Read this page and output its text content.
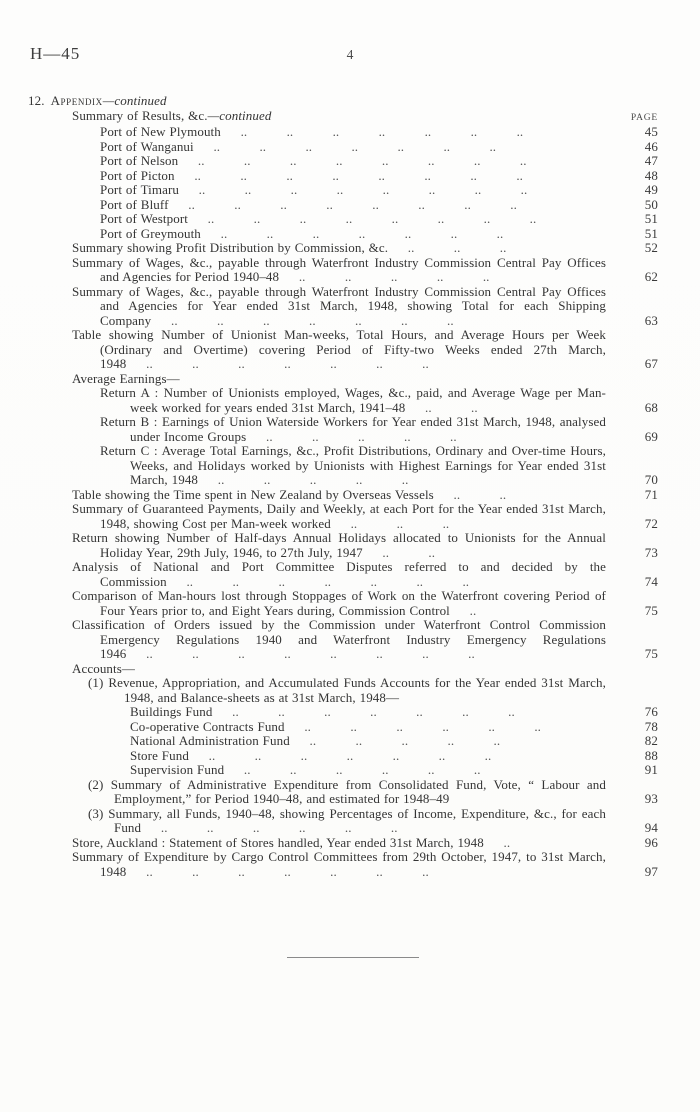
H—45	4
12. Appendix—continued
Summary of Results, &c. —continued	PAGE
Port of New Plymouth  ..   ..   ..   ..   ..   ..   ..	45
Port of Wanganui  ..   ..   ..   ..   ..   ..   ..	46
Port of Nelson  ..   ..   ..   ..   ..   ..   ..   ..	47
Port of Picton  ..   ..   ..   ..   ..   ..   ..   ..	48
Port of Timaru  ..   ..   ..   ..   ..   ..   ..   ..	49
Port of Bluff  ..   ..   ..   ..   ..   ..   ..   ..	50
Port of Westport  ..   ..   ..   ..   ..   ..   ..   ..	51
Port of Greymouth  ..   ..   ..   ..   ..   ..   ..	51
Summary showing Profit Distribution by Commission, &c.  ..   ..   ..	52
Summary of Wages, &c., payable through Waterfront Industry Commission Central Pay Offices and Agencies for Period 1940–48  ..   ..   ..   ..   ..	62
Summary of Wages, &c., payable through Waterfront Industry Commission Central Pay Offices and Agencies for Year ended 31st March, 1948, showing Total for each Shipping Company  ..   ..   ..   ..   ..   ..   ..	63
Table showing Number of Unionist Man-weeks, Total Hours, and Average Hours per Week (Ordinary and Overtime) covering Period of Fifty-two Weeks ended 27th March, 1948  ..   ..   ..   ..   ..   ..   ..	67
Average Earnings—
Return A : Number of Unionists employed, Wages, &c., paid, and Average Wage per Man-week worked for years ended 31st March, 1941–48  ..   ..	68
Return B : Earnings of Union Waterside Workers for Year ended 31st March, 1948, analysed under Income Groups  ..   ..   ..   ..   ..	69
Return C : Average Total Earnings, &c., Profit Distributions, Ordinary and Over-time Hours, Weeks, and Holidays worked by Unionists with Highest Earnings for Year ended 31st March, 1948  ..   ..   ..   ..   ..	70
Table showing the Time spent in New Zealand by Overseas Vessels  ..   ..	71
Summary of Guaranteed Payments, Daily and Weekly, at each Port for the Year ended 31st March, 1948, showing Cost per Man-week worked  ..   ..   ..	72
Return showing Number of Half-days Annual Holidays allocated to Unionists for the Annual Holiday Year, 29th July, 1946, to 27th July, 1947  ..   ..	73
Analysis of National and Port Committee Disputes referred to and decided by the Commission  ..   ..   ..   ..   ..   ..   ..	74
Comparison of Man-hours lost through Stoppages of Work on the Waterfront covering Period of Four Years prior to, and Eight Years during, Commission Control  ..	75
Classification of Orders issued by the Commission under Waterfront Control Commission Emergency Regulations 1940 and Waterfront Industry Emergency Regulations 1946  ..   ..   ..   ..   ..   ..   ..   ..	75
Accounts—
(1) Revenue, Appropriation, and Accumulated Funds Accounts for the Year ended 31st March, 1948, and Balance-sheets as at 31st March, 1948—
Buildings Fund  ..   ..   ..   ..   ..   ..   ..	76
Co-operative Contracts Fund  ..   ..   ..   ..   ..   ..	78
National Administration Fund  ..   ..   ..   ..   ..	82
Store Fund  ..   ..   ..   ..   ..   ..   ..	88
Supervision Fund  ..   ..   ..   ..   ..   ..	91
(2) Summary of Administrative Expenditure from Consolidated Fund, Vote, “ Labour and Employment,” for Period 1940–48, and estimated for 1948–49	93
(3) Summary, all Funds, 1940–48, showing Percentages of Income, Expenditure, &c., for each Fund  ..   ..   ..   ..   ..   ..	94
Store, Auckland : Statement of Stores handled, Year ended 31st March, 1948  ..	96
Summary of Expenditure by Cargo Control Committees from 29th October, 1947, to 31st March, 1948  ..   ..   ..   ..   ..   ..   ..	97
